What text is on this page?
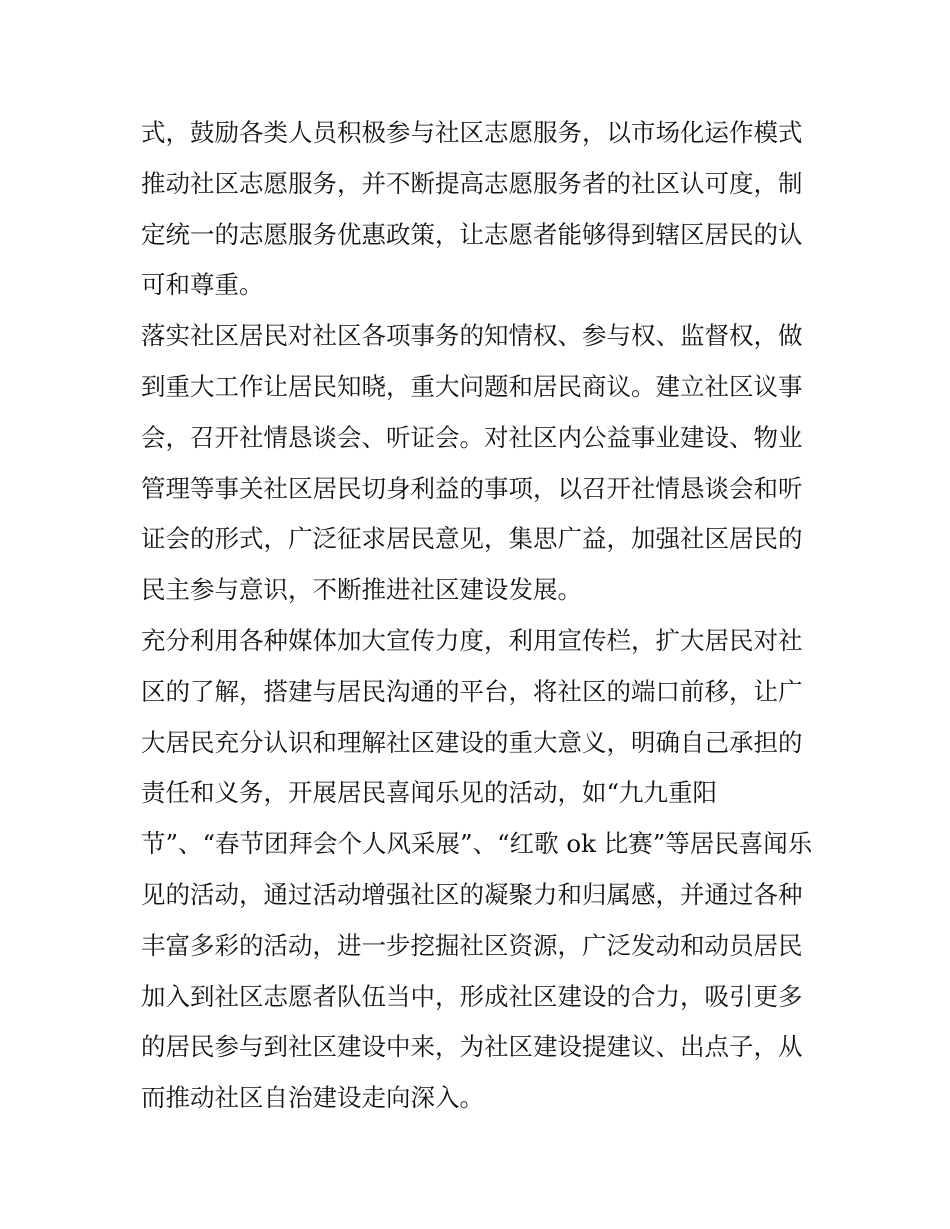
式，鼓励各类人员积极参与社区志愿服务，以市场化运作模式
推动社区志愿服务，并不断提高志愿服务者的社区认可度，制
定统一的志愿服务优惠政策，让志愿者能够得到辖区居民的认
可和尊重。
落实社区居民对社区各项事务的知情权、参与权、监督权，做
到重大工作让居民知晓，重大问题和居民商议。建立社区议事
会，召开社情恳谈会、听证会。对社区内公益事业建设、物业
管理等事关社区居民切身利益的事项，以召开社情恳谈会和听
证会的形式，广泛征求居民意见，集思广益，加强社区居民的
民主参与意识，不断推进社区建设发展。
充分利用各种媒体加大宣传力度，利用宣传栏，扩大居民对社
区的了解，搭建与居民沟通的平台，将社区的端口前移，让广
大居民充分认识和理解社区建设的重大意义，明确自己承担的
责任和义务，开展居民喜闻乐见的活动，如“九九重阳
节”、“春节团拜会个人风采展”、“红歌 ok 比赛”等居民喜闻乐
见的活动，通过活动增强社区的凝聚力和归属感，并通过各种
丰富多彩的活动，进一步挖掘社区资源，广泛发动和动员居民
加入到社区志愿者队伍当中，形成社区建设的合力，吸引更多
的居民参与到社区建设中来，为社区建设提建议、出点子，从
而推动社区自治建设走向深入。
